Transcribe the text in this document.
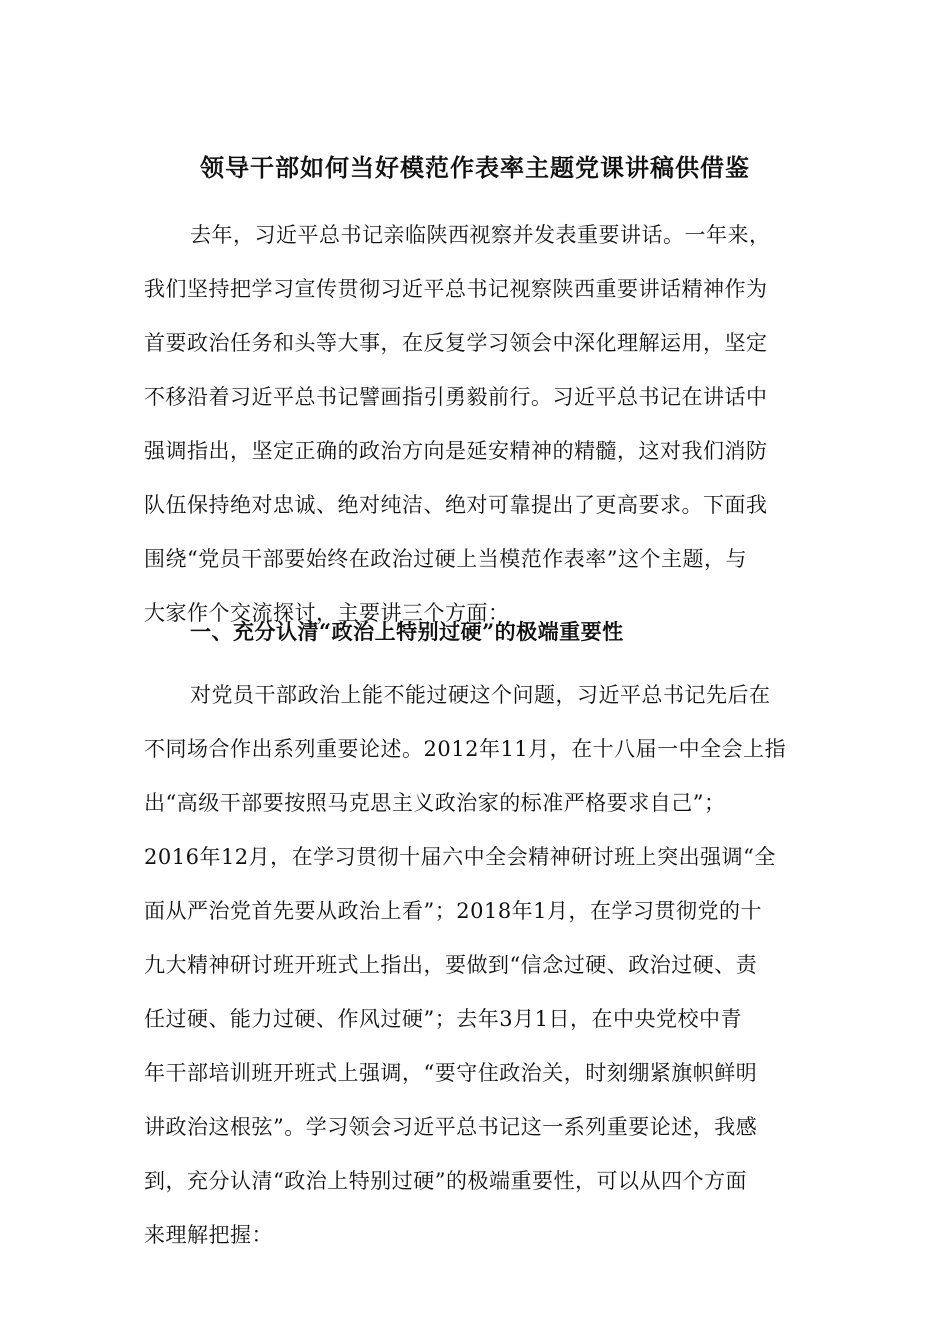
领导干部如何当好模范作表率主题党课讲稿供借鉴
去年，习近平总书记亲临陕西视察并发表重要讲话。一年来，
我们坚持把学习宣传贯彻习近平总书记视察陕西重要讲话精神作为
首要政治任务和头等大事，在反复学习领会中深化理解运用，坚定
不移沿着习近平总书记譬画指引勇毅前行。习近平总书记在讲话中
强调指出，坚定正确的政治方向是延安精神的精髓，这对我们消防
队伍保持绝对忠诚、绝对纯洁、绝对可靠提出了更高要求。下面我
围绕“党员干部要始终在政治过硬上当模范作表率”这个主题，与
大家作个交流探讨，主要讲三个方面：
一、充分认清“政治上特别过硬”的极端重要性
对党员干部政治上能不能过硬这个问题，习近平总书记先后在
不同场合作出系列重要论述。2012年11月，在十八届一中全会上指
出“高级干部要按照马克思主义政治家的标准严格要求自己”；
2016年12月，在学习贯彻十届六中全会精神研讨班上突出强调“全
面从严治党首先要从政治上看”；2018年1月，在学习贯彻党的十
九大精神研讨班开班式上指出，要做到“信念过硬、政治过硬、责
任过硬、能力过硬、作风过硬”；去年3月1日，在中央党校中青
年干部培训班开班式上强调，“要守住政治关，时刻绷紧旗帜鲜明
讲政治这根弦”。学习领会习近平总书记这一系列重要论述，我感
到，充分认清“政治上特别过硬”的极端重要性，可以从四个方面
来理解把握：
